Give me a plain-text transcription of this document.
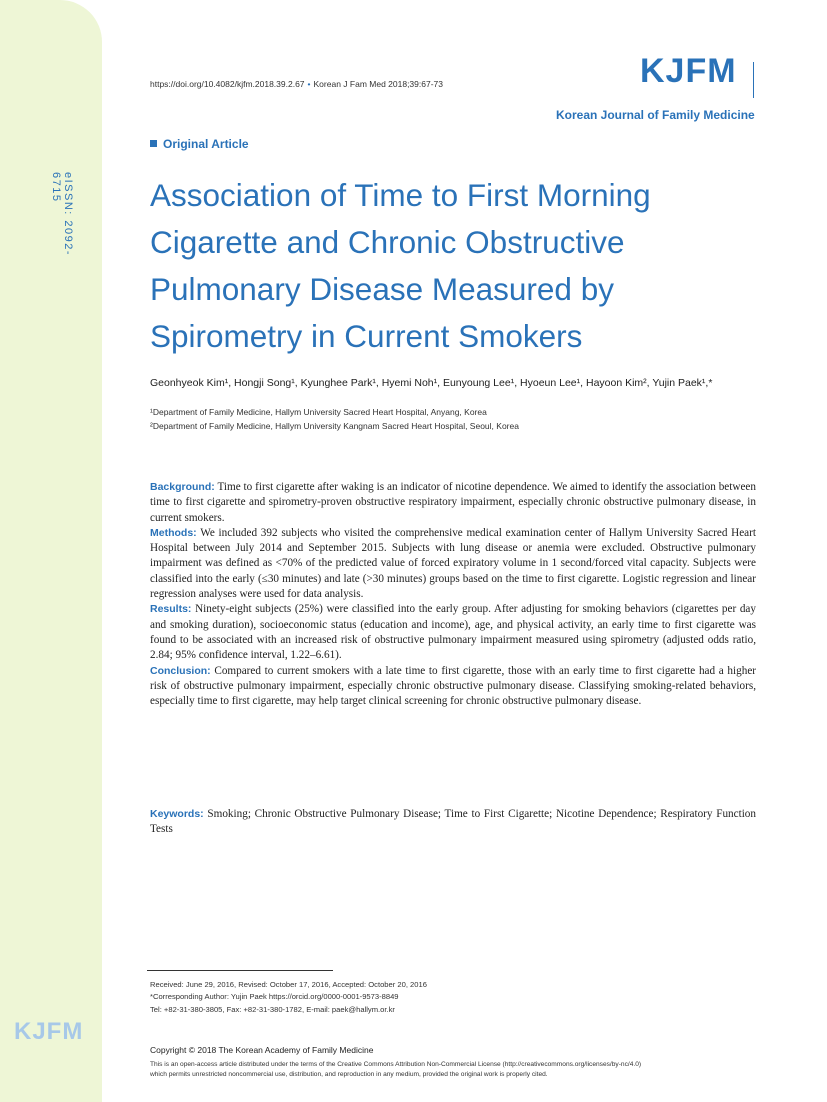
eISSN: 2092-6715
KJFM
https://doi.org/10.4082/kjfm.2018.39.2.67 • Korean J Fam Med 2018;39:67-73	KJFM
Korean Journal of Family Medicine
Original Article
Association of Time to First Morning
Cigarette and Chronic Obstructive
Pulmonary Disease Measured by
Spirometry in Current Smokers
Geonhyeok Kim¹, Hongji Song¹, Kyunghee Park¹, Hyemi Noh¹, Eunyoung Lee¹, Hyoeun Lee¹, Hayoon Kim², Yujin Paek¹,*
¹Department of Family Medicine, Hallym University Sacred Heart Hospital, Anyang, Korea
²Department of Family Medicine, Hallym University Kangnam Sacred Heart Hospital, Seoul, Korea

Background: Time to first cigarette after waking is an indicator of nicotine dependence. We aimed to identify the association between time to first cigarette and spirometry-proven obstructive respiratory impairment, especially chronic obstructive pulmonary disease, in current smokers.

Methods: We included 392 subjects who visited the comprehensive medical examination center of Hallym University Sacred Heart Hospital between July 2014 and September 2015. Subjects with lung disease or anemia were excluded. Obstructive pulmonary impairment was defined as <70% of the predicted value of forced expiratory volume in 1 second/forced vital capacity. Subjects were classified into the early (≤30 minutes) and late (>30 minutes) groups based on the time to first cigarette. Logistic regression and linear regression analyses were used for data analysis.

Results: Ninety-eight subjects (25%) were classified into the early group. After adjusting for smoking behaviors (cigarettes per day and smoking duration), socioeconomic status (education and income), age, and physical activity, an early time to first cigarette was found to be associated with an increased risk of obstructive pulmonary impairment measured using spirometry (adjusted odds ratio, 2.84; 95% confidence interval, 1.22–6.61).

Conclusion: Compared to current smokers with a late time to first cigarette, those with an early time to first cigarette had a higher risk of obstructive pulmonary impairment, especially chronic obstructive pulmonary disease. Classifying smoking-related behaviors, especially time to first cigarette, may help target clinical screening for chronic obstructive pulmonary disease.

Keywords: Smoking; Chronic Obstructive Pulmonary Disease; Time to First Cigarette; Nicotine Dependence; Respiratory Function Tests
Received: June 29, 2016, Revised: October 17, 2016, Accepted: October 20, 2016
*Corresponding Author: Yujin Paek https://orcid.org/0000-0001-9573-8849
Tel: +82-31-380-3805, Fax: +82-31-380-1782, E-mail: paek@hallym.or.kr
Copyright © 2018 The Korean Academy of Family Medicine
This is an open-access article distributed under the terms of the Creative Commons Attribution Non-Commercial License (http://creativecommons.org/licenses/by-nc/4.0)
which permits unrestricted noncommercial use, distribution, and reproduction in any medium, provided the original work is properly cited.
